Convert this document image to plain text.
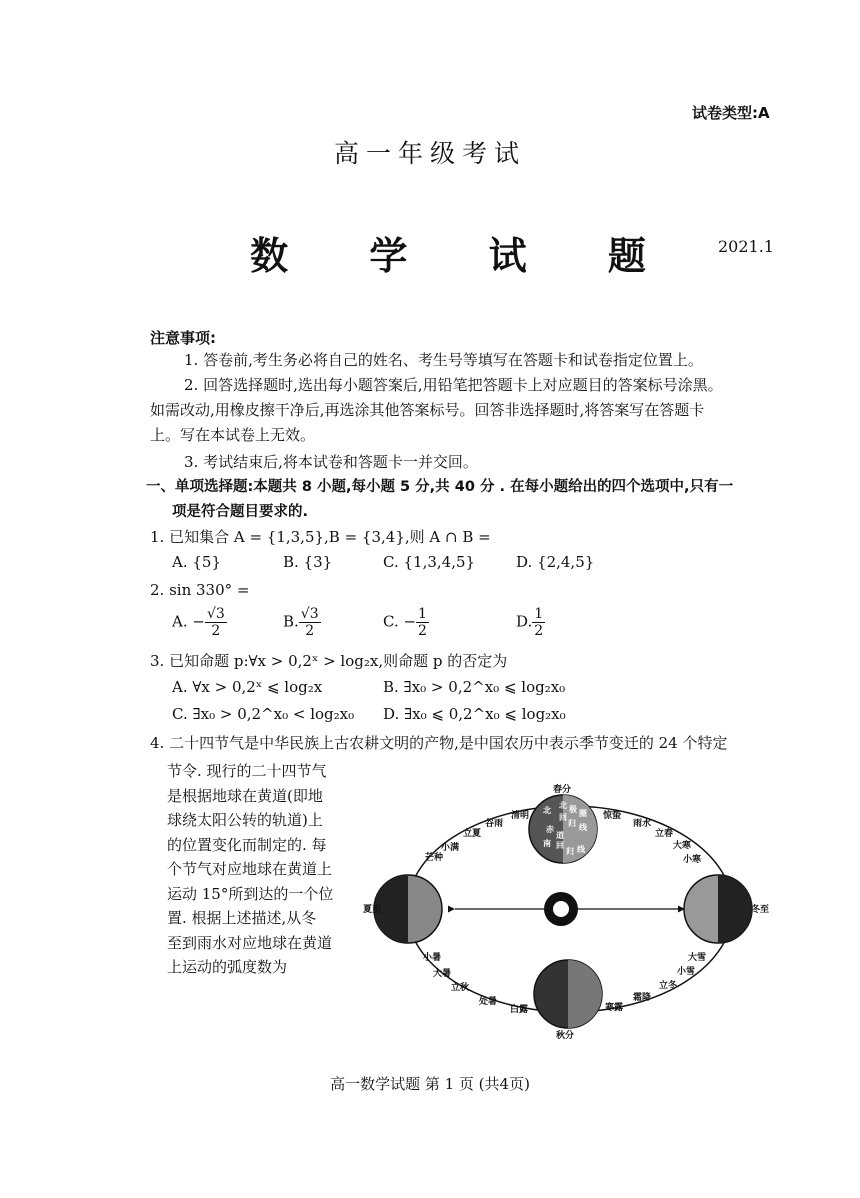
试卷类型:A
高一年级考试
数 学 试 题	2021.1
注意事项:
1. 答卷前,考生务必将自己的姓名、考生号等填写在答题卡和试卷指定位置上。
2. 回答选择题时,选出每小题答案后,用铅笔把答题卡上对应题目的答案标号涂黑。
如需改动,用橡皮擦干净后,再选涂其他答案标号。回答非选择题时,将答案写在答题卡
上。写在本试卷上无效。
3. 考试结束后,将本试卷和答题卡一并交回。
一、单项选择题:本题共 8 小题,每小题 5 分,共 40 分 . 在每小题给出的四个选项中,只有一
项是符合题目要求的.
1. 已知集合 A = {1,3,5},B = {3,4},则 A ∩ B =
A. {5}	B. {3}	C. {1,3,4,5}	D. {2,4,5}
2. sin 330° =
A. − $\frac{√3}{2}$	B. $\frac{√3}{2}$	C. − $\frac{1}{2}$	D. $\frac{1}{2}$
3. 已知命题 p:∀x > 0,2ˣ > log₂x,则命题 p 的否定为
A. ∀x > 0,2ˣ ⩽ log₂x	B. ∃x₀ > 0,2^x₀ ⩽ log₂x₀
C. ∃x₀ > 0,2^x₀ < log₂x₀ D. ∃x₀ ⩽ 0,2^x₀ ⩽ log₂x₀
4. 二十四节气是中华民族上古农耕文明的产物,是中国农历中表示季节变迁的 24 个特定
节令. 现行的二十四节气
是根据地球在黄道(即地
球绕太阳公转的轨道)上
的位置变化而制定的. 每
个节气对应地球在黄道上
运动 15°所到达的一个位
置. 根据上述描述,从冬
至到雨水对应地球在黄道
上运动的弧度数为
春分
秋分
夏至	冬至
清明
谷雨
立夏
小满
芒种
惊蛰
雨水
立春
大寒
小寒
小暑
大暑
立秋
处暑
白露	寒露
霜降
立冬
小雪
大雪
北
北 极 圈
回
归 线
赤
道
南 回
归 线
高一数学试题 第 1 页 (共4页)
